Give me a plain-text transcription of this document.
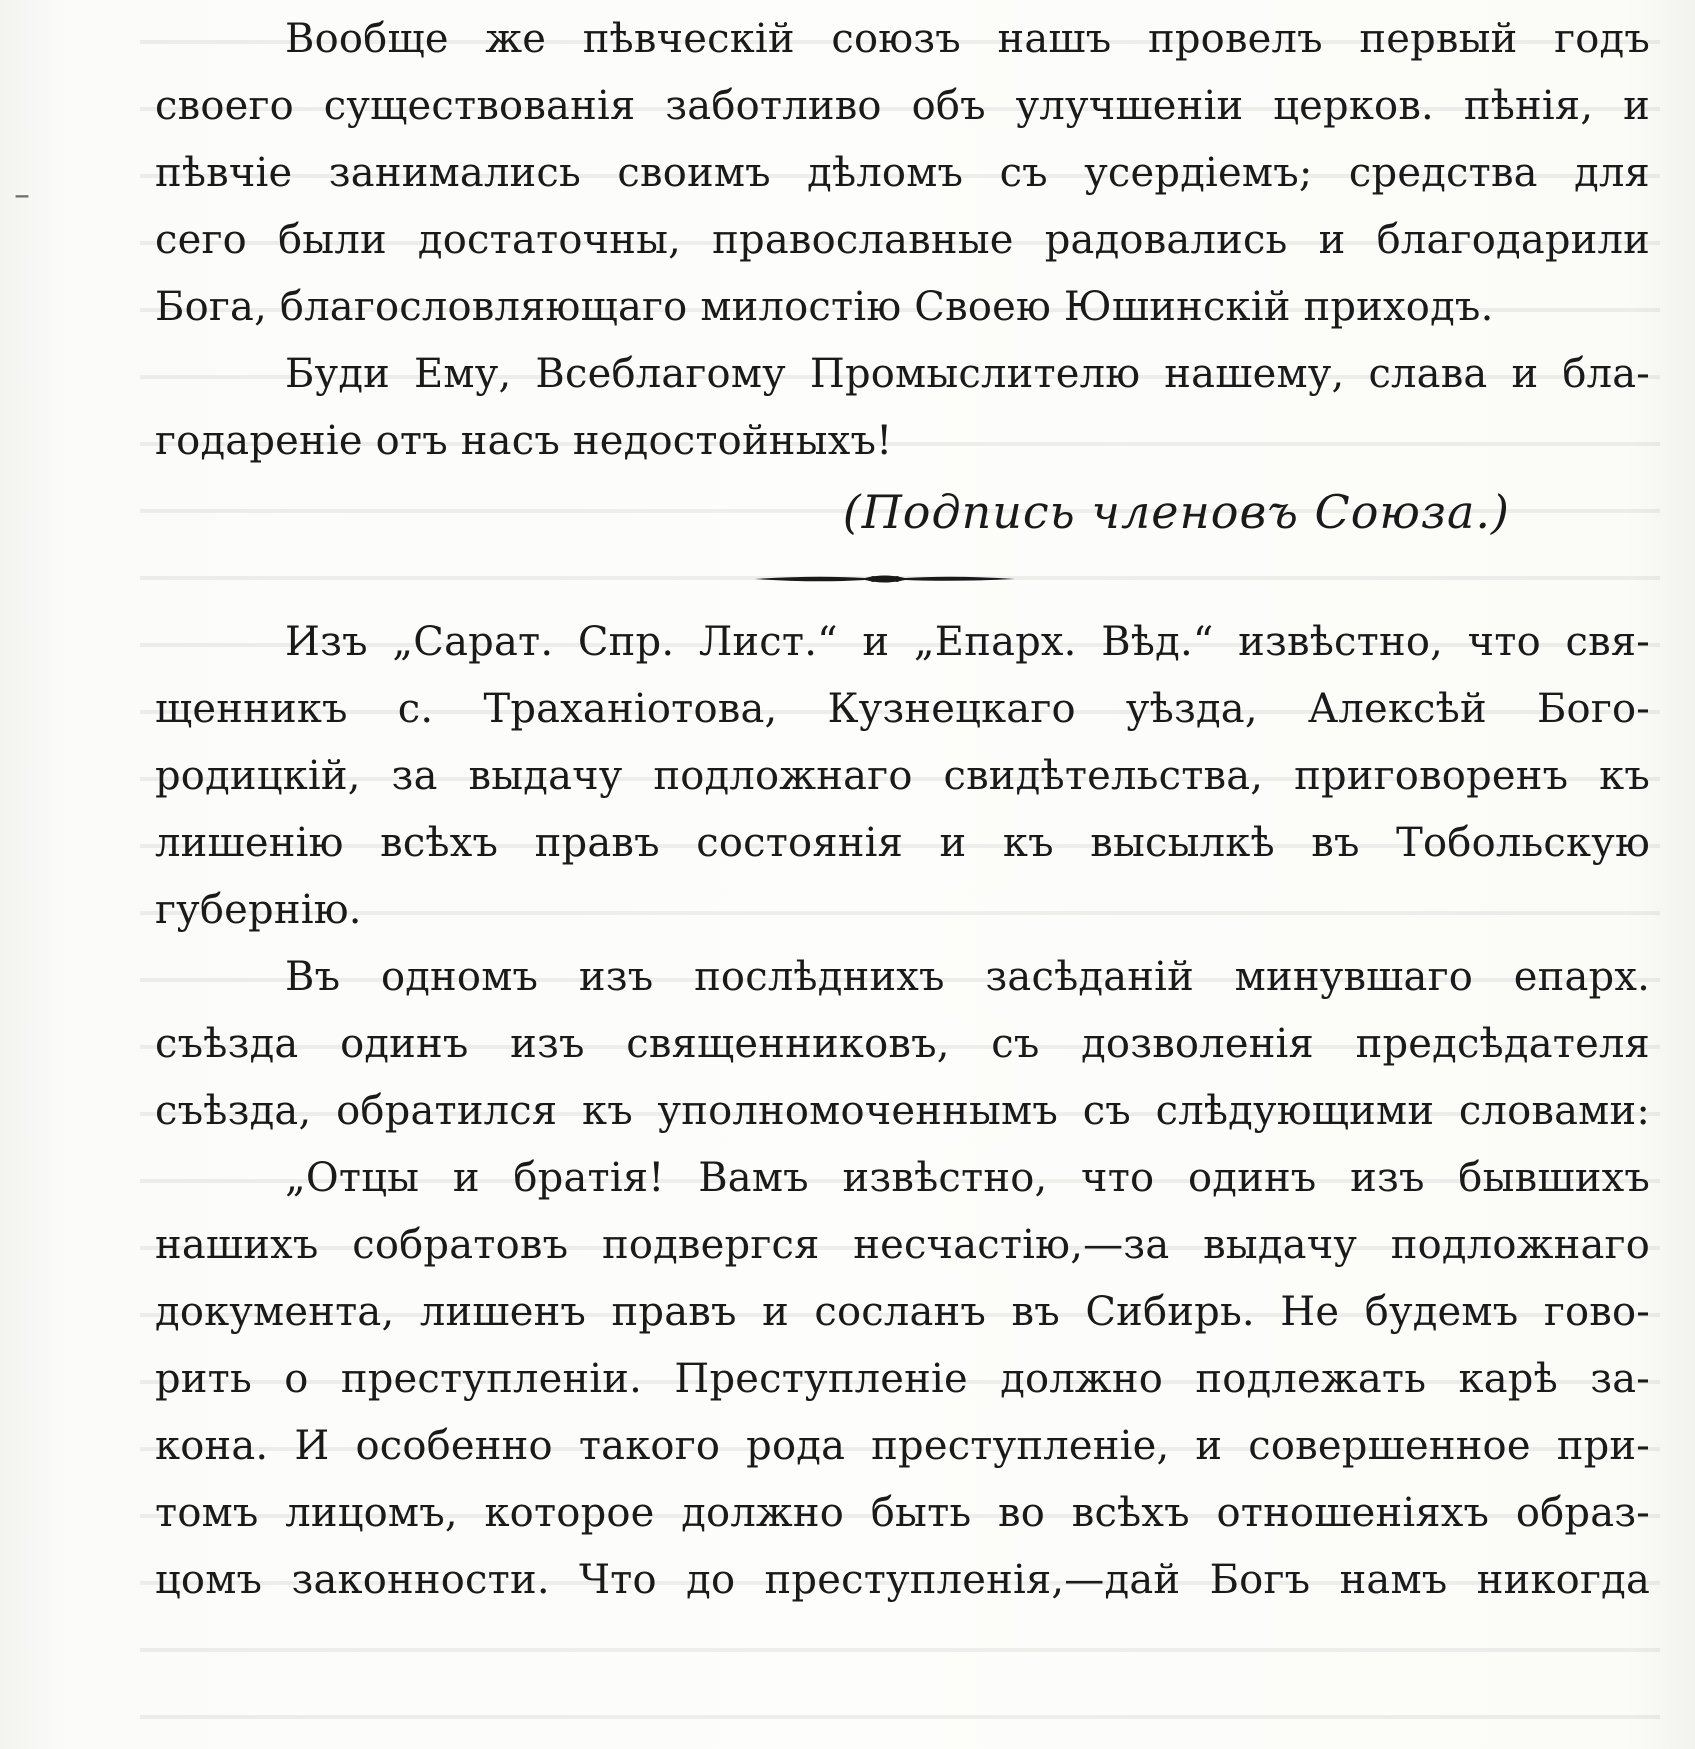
–
Вообще же пѣвческій союзъ нашъ провелъ первый годъ
своего существованія заботливо объ улучшеніи церков. пѣнія, и
пѣвчіе занимались своимъ дѣломъ съ усердіемъ; средства для
сего были достаточны, православные радовались и благодарили
Бога, благословляющаго милостію Своею Юшинскій приходъ.
Буди Ему, Всеблагому Промыслителю нашему, слава и бла-
годареніе отъ насъ недостойныхъ!
(Подпись членовъ Союза.)
Изъ „Сарат. Спр. Лист.“ и „Епарх. Вѣд.“ извѣстно, что свя-
щенникъ с. Траханіотова, Кузнецкаго уѣзда, Алексѣй Бого-
родицкій, за выдачу подложнаго свидѣтельства, приговоренъ къ
лишенію всѣхъ правъ состоянія и къ высылкѣ въ Тобольскую
губернію.
Въ одномъ изъ послѣднихъ засѣданій минувшаго епарх.
съѣзда одинъ изъ священниковъ, съ дозволенія предсѣдателя
съѣзда, обратился къ уполномоченнымъ съ слѣдующими словами:
„Отцы и братія! Вамъ извѣстно, что одинъ изъ бывшихъ
нашихъ собратовъ подвергся несчастію,—за выдачу подложнаго
документа, лишенъ правъ и сосланъ въ Сибирь. Не будемъ гово-
рить о преступленіи. Преступленіе должно подлежать карѣ за-
кона. И особенно такого рода преступленіе, и совершенное при-
томъ лицомъ, которое должно быть во всѣхъ отношеніяхъ образ-
цомъ законности. Что до преступленія,—дай Богъ намъ никогда
